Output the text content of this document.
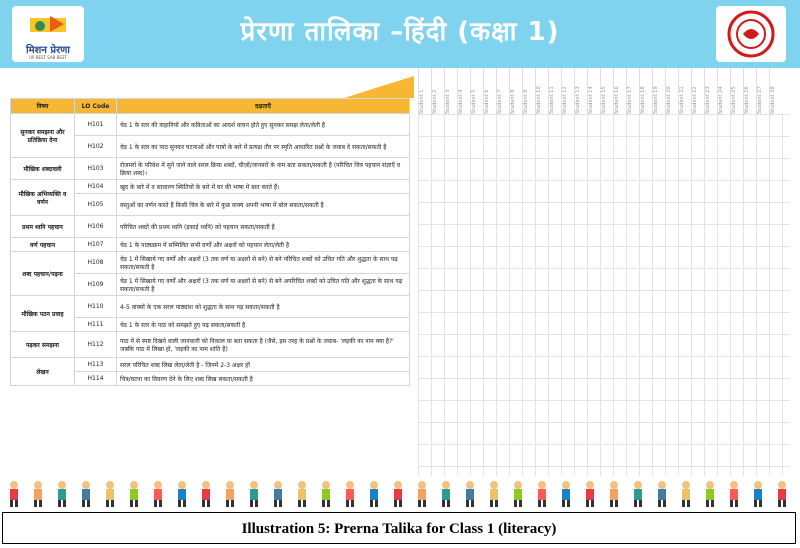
मिशन प्रेरणा
UP BEST SAB BEST
प्रेरणा तालिका –हिंदी (कक्षा 1)
विषय	LO Code	दक्षताएँ
सुनकर समझना और प्रतिक्रिया देना	H101	चेड 1 के स्तर की कहानियों और कविताओं का आदर्श वाचन होते हुए सुनकर समझ लेता/लेती है
	H102	चेड 1 के स्तर का पाठ सुनकर घटनाओं और पात्रों के बारे में प्रत्यक्ष तौर पर स्मृति आधारित प्रश्नों के जवाब दे सकता/सकती है
मौखिक शब्दावली	H103	रोजमर्रा के परिवेश में सुने जाने वाले सरल क्रिया शब्दों, चीज़ों/जानवरों के नाम बता सकता/सकती है (परिचित चित्र पहचान संज्ञाएँ व क्रिया शब्द)।
मौखिक अभिव्यक्ति व वर्णन	H104	खुद के बारे में व साधारण स्थितियों के बारे में घर की भाषा में बात करते हैं।
	H105	वस्तुओं का वर्णन करते हैं किसी चित्र के बारे में कुछ वाक्य अपनी भाषा में बोल सकता/सकती है
प्रथम ध्वनि पहचान	H106	परिचित शब्दों की प्रथम ध्वनि (इकाई ध्वनि) को पहचान सकता/सकती है
वर्ण पहचान	H107	चेड 1 के पाठ्यक्रम में सम्मिलित सभी वर्णों और अक्षरों को पहचान लेता/लेती है
शब्द पहचान/पढ़ना	H108	चेड 1 में सिखाये गए वर्णों और अक्षरों (3 तक वर्ण या अक्षरों से बने) से बने परिचित शब्दों को उचित गति और शुद्धता के साथ पढ़ सकता/सकती है
	H109	चेड 1 में सिखाये गए वर्णों और अक्षरों (3 तक वर्ण या अक्षरों से बने) से बने अपरिचित शब्दों को उचित गति और शुद्धता के साथ पढ़ सकता/सकती है
मौखिक पठन प्रवाह	H110	4-5 वाक्यों के एक सरल पाठ्यांश को शुद्धता के साथ पढ़ सकता/सकती है
	H111	चेड 1 के स्तर के पाठ को समझते हुए पढ़ सकता/सकती है
पढ़कर समझना	H112	पाठ में से स्पष्ट दिखने वाली जानकारी को निकाल या बता सकता है (जैसे, इस तरह के प्रश्नों के जवाब- 'लड़की का नाम क्या है?' जबकि पाठ में लिखा हो, 'लड़की का नाम शांति है)
लेखन	H113	सरल परिचित शब्द लिख लेता/लेती है - जिनमें 2-3 अक्षर हों
	H114	चित्र/घटना का विवरण देने के लिए शब्द लिख सकता/सकती है
Student 1	Student 2	Student 3	Student 4	Student 5	Student 6	Student 7	Student 8	Student 9	Student 10	Student 11	Student 12	Student 13	Student 14	Student 15	Student 16	Student 17	Student 18	Student 19	Student 20	Student 21	Student 22	Student 23	Student 24	Student 25	Student 26	Student 27	Student 28
Illustration 5: Prerna Talika for Class 1 (literacy)
